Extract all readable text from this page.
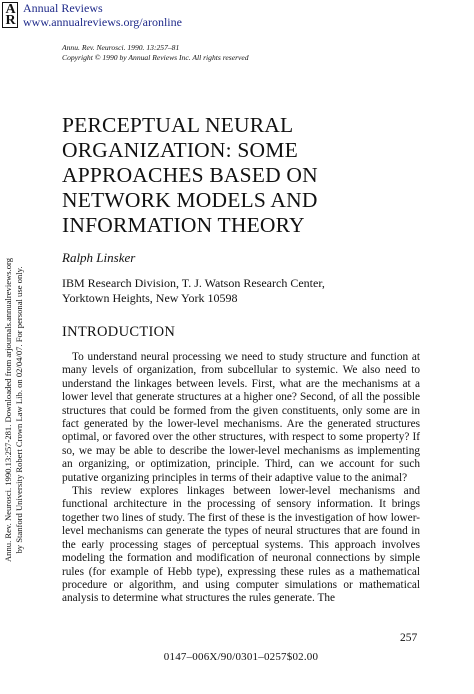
A
R
Annual Reviews
www.annualreviews.org/aronline
Annu. Rev. Neurosci. 1990. 13:257–81
Copyright © 1990 by Annual Reviews Inc. All rights reserved
PERCEPTUAL NEURAL
ORGANIZATION: SOME
APPROACHES BASED ON
NETWORK MODELS AND
INFORMATION THEORY
Ralph Linsker
IBM Research Division, T. J. Watson Research Center,
Yorktown Heights, New York 10598
INTRODUCTION

To understand neural processing we need to study structure and function at many levels of organization, from subcellular to systemic. We also need to understand the linkages between levels. First, what are the mechanisms at a lower level that generate structures at a higher one? Second, of all the possible structures that could be formed from the given constituents, only some are in fact generated by the lower-level mechanisms. Are the generated structures optimal, or favored over the other structures, with respect to some property? If so, we may be able to describe the lower-level mechanisms as implementing an organizing, or optimization, principle. Third, can we account for such putative organizing principles in terms of their adaptive value to the animal?

This review explores linkages between lower-level mechanisms and functional architecture in the processing of sensory information. It brings together two lines of study. The first of these is the investigation of how lower-level mechanisms can generate the types of neural structures that are found in the early processing stages of perceptual systems. This approach involves modeling the formation and modification of neuronal connections by simple rules (for example of Hebb type), expressing these rules as a mathematical procedure or algorithm, and using computer simulations or mathematical analysis to determine what structures the rules generate. The

257
0147–006X/90/0301–0257$02.00
Annu. Rev. Neurosci. 1990.13:257-281. Downloaded from arjournals.annualreviews.org by Stanford University Robert Crown Law Lib. on 02/04/07. For personal use only.
